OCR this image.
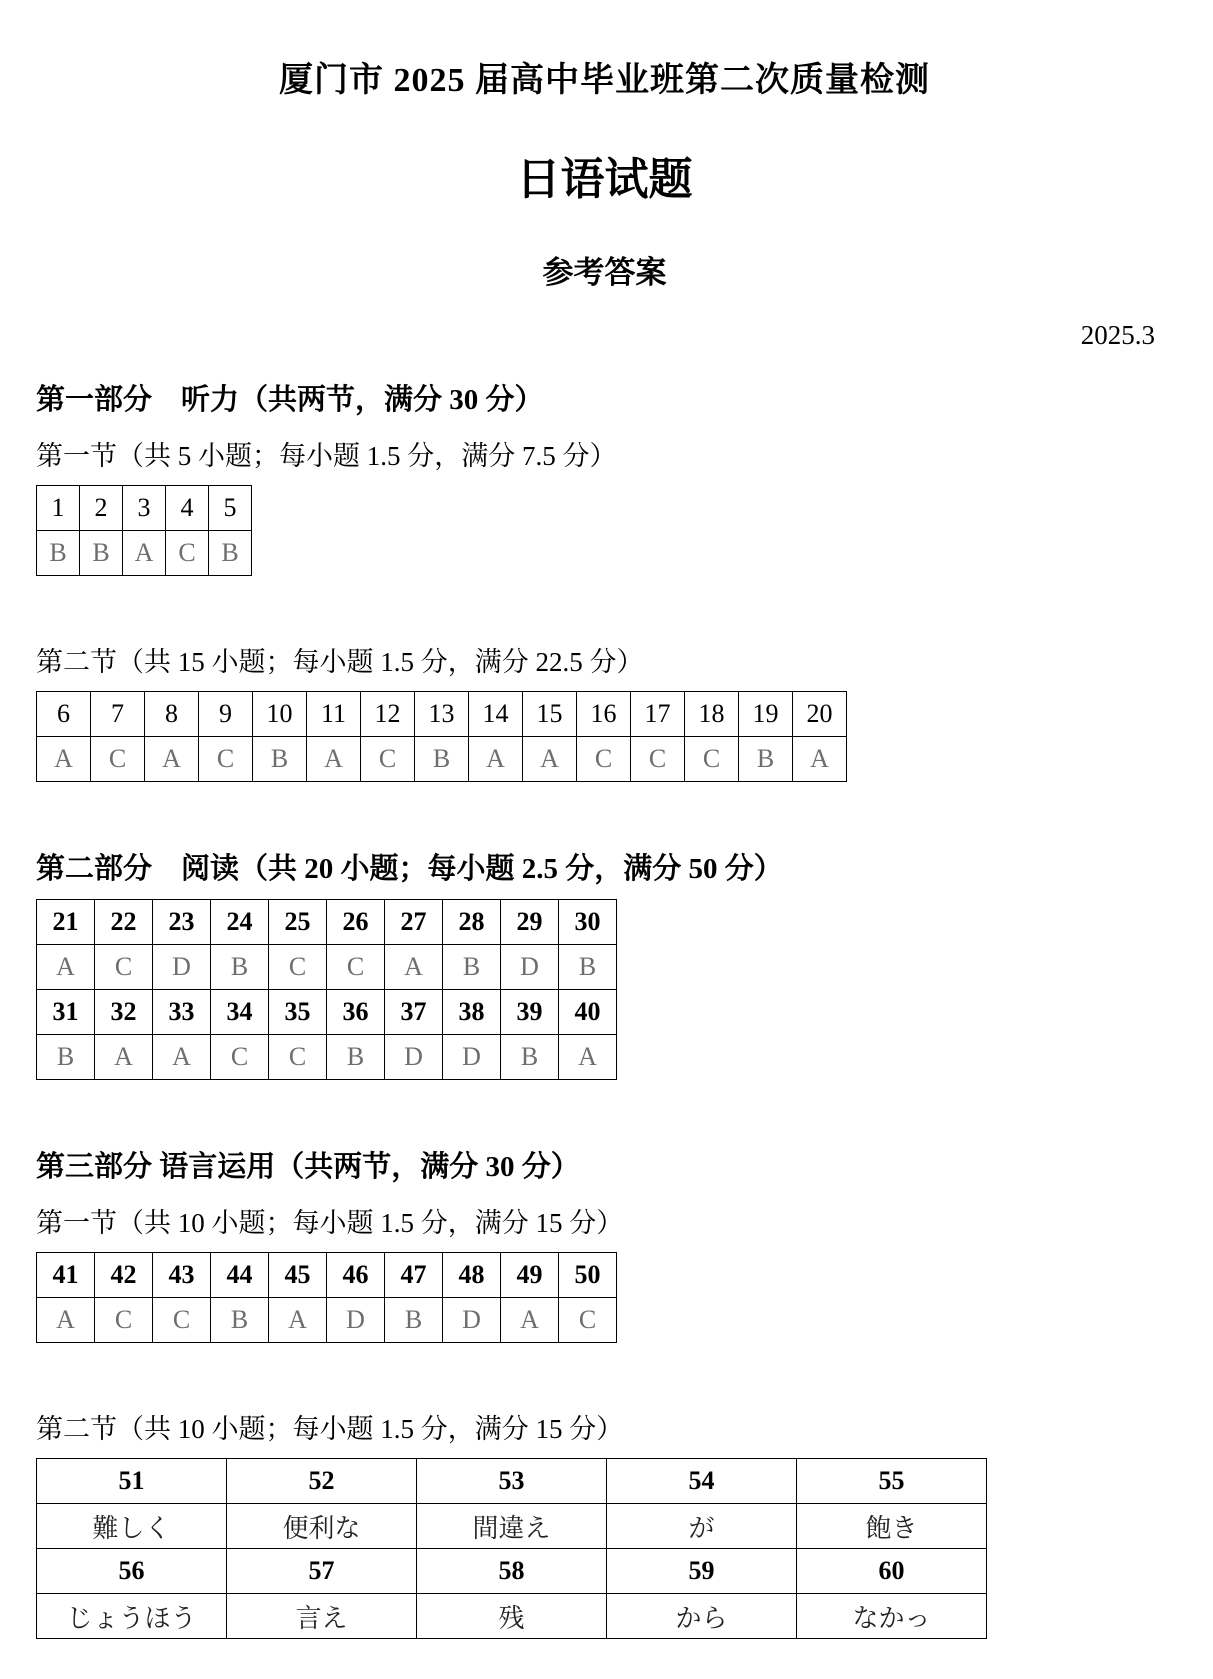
厦门市 2025 届高中毕业班第二次质量检测
日语试题
参考答案
2025.3
第一部分　听力（共两节，满分 30 分）
第一节（共 5 小题；每小题 1.5 分，满分 7.5 分）
1	2	3	4	5
B	B	A	C	B
第二节（共 15 小题；每小题 1.5 分，满分 22.5 分）
6	7	8	9	10	11	12	13	14	15	16	17	18	19	20
A	C	A	C	B	A	C	B	A	A	C	C	C	B	A
第二部分　阅读（共 20 小题；每小题 2.5 分，满分 50 分）
21	22	23	24	25	26	27	28	29	30
A	C	D	B	C	C	A	B	D	B
31	32	33	34	35	36	37	38	39	40
B	A	A	C	C	B	D	D	B	A
第三部分 语言运用（共两节，满分 30 分）
第一节（共 10 小题；每小题 1.5 分，满分 15 分）
41	42	43	44	45	46	47	48	49	50
A	C	C	B	A	D	B	D	A	C
第二节（共 10 小题；每小题 1.5 分，满分 15 分）
51	52	53	54	55
難しく	便利な	間違え	が	飽き
56	57	58	59	60
じょうほう	言え	残	から	なかっ
